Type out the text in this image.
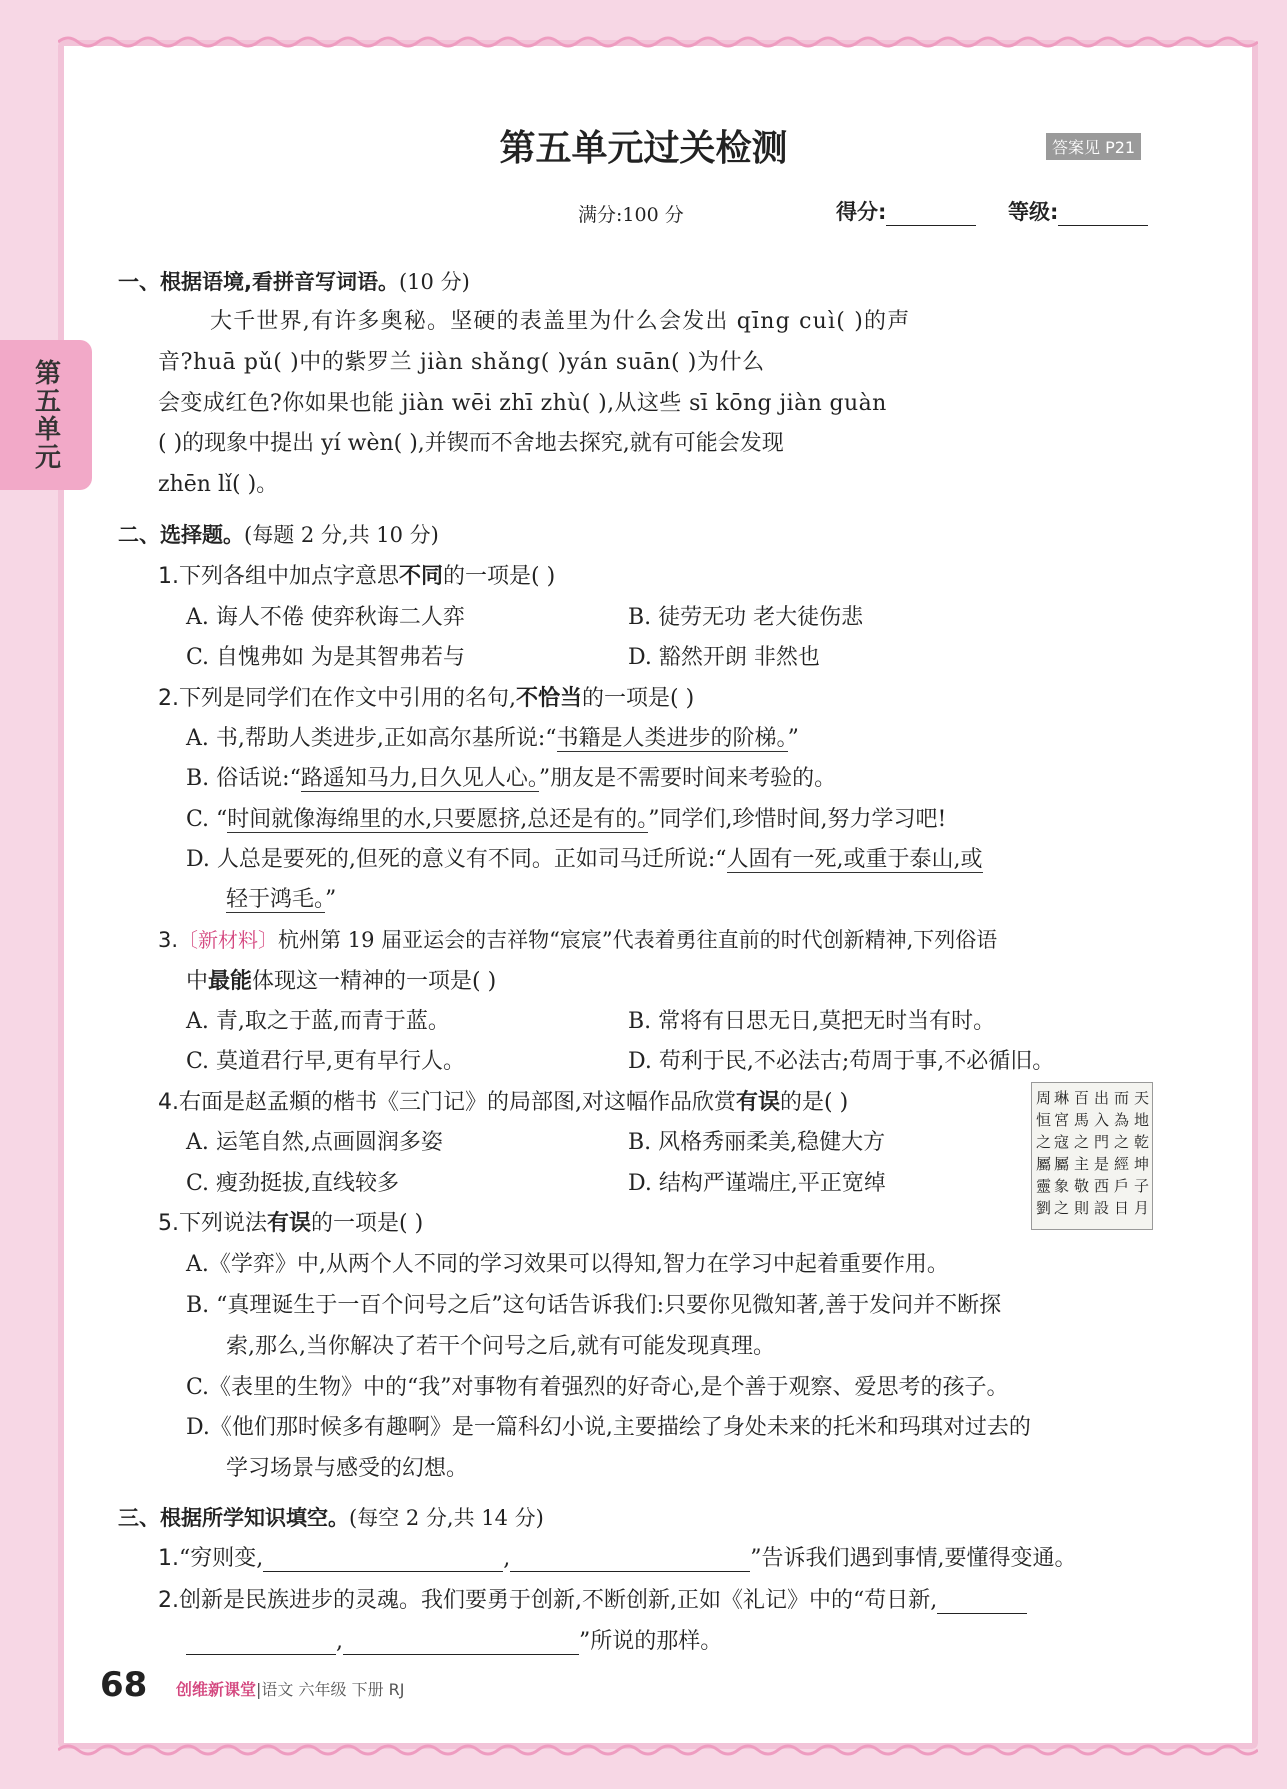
第五单元
第五单元过关检测	答案见 P21
满分:100 分	得分:	等级:
一、根据语境,看拼音写词语。(10 分)
大千世界,有许多奥秘。坚硬的表盖里为什么会发出 qīng cuì( )的声
音?huā pǔ( )中的紫罗兰 jiàn shǎng( )yán suān( )为什么
会变成红色?你如果也能 jiàn wēi zhī zhù( ),从这些 sī kōng jiàn guàn
( )的现象中提出 yí wèn( ),并锲而不舍地去探究,就有可能会发现
zhēn lǐ( )。
二、选择题。(每题 2 分,共 10 分)
1.下列各组中加点字意思不同的一项是( )
A. 诲人不倦 使弈秋诲二人弈	B. 徒劳无功 老大徒伤悲
C. 自愧弗如 为是其智弗若与	D. 豁然开朗 非然也
2.下列是同学们在作文中引用的名句,不恰当的一项是( )
A. 书,帮助人类进步,正如高尔基所说:“书籍是人类进步的阶梯。”
B. 俗话说:“路遥知马力,日久见人心。”朋友是不需要时间来考验的。
C. “时间就像海绵里的水,只要愿挤,总还是有的。”同学们,珍惜时间,努力学习吧!
D. 人总是要死的,但死的意义有不同。正如司马迁所说:“人固有一死,或重于泰山,或
轻于鸿毛。”
3.〔新材料〕杭州第 19 届亚运会的吉祥物“宸宸”代表着勇往直前的时代创新精神,下列俗语
中最能体现这一精神的一项是( )
A. 青,取之于蓝,而青于蓝。	B. 常将有日思无日,莫把无时当有时。
C. 莫道君行早,更有早行人。	D. 苟利于民,不必法古;苟周于事,不必循旧。
4.右面是赵孟頫的楷书《三门记》的局部图,对这幅作品欣赏有误的是( )
A. 运笔自然,点画圆润多姿	B. 风格秀丽柔美,稳健大方
C. 瘦劲挺拔,直线较多	D. 结构严谨端庄,平正宽绰
天
地
乾
坤
子
月
而
為
之
經
戶
日
出
入
門
是
西
設
百
馬
之
主
敬
則
琳
宮
寇
屬
象
之
周
恒
之
屬
靈
劉
5.下列说法有误的一项是( )
A.《学弈》中,从两个人不同的学习效果可以得知,智力在学习中起着重要作用。
B. “真理诞生于一百个问号之后”这句话告诉我们:只要你见微知著,善于发问并不断探
索,那么,当你解决了若干个问号之后,就有可能发现真理。
C.《表里的生物》中的“我”对事物有着强烈的好奇心,是个善于观察、爱思考的孩子。
D.《他们那时候多有趣啊》是一篇科幻小说,主要描绘了身处未来的托米和玛琪对过去的
学习场景与感受的幻想。
三、根据所学知识填空。(每空 2 分,共 14 分)
1.“穷则变,	,	”告诉我们遇到事情,要懂得变通。
2.创新是民族进步的灵魂。我们要勇于创新,不断创新,正如《礼记》中的“苟日新,
,	”所说的那样。
68 创维新课堂|语文 六年级 下册 RJ
